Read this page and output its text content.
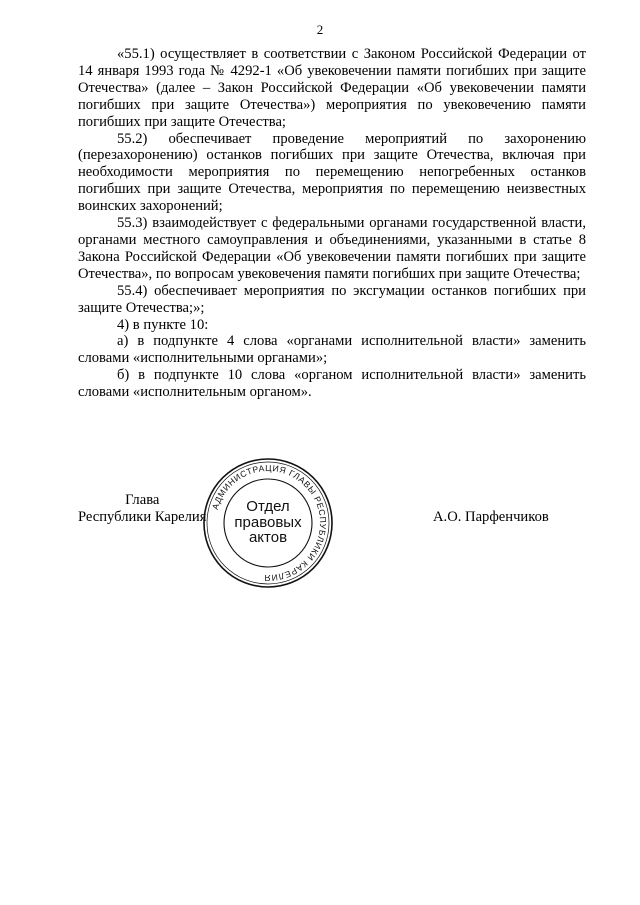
2

«55.1) осуществляет в соответствии с Законом Российской Федерации от 14 января 1993 года № 4292-1 «Об увековечении памяти погибших при защите Отечества» (далее – Закон Российской Федерации «Об увековечении памяти погибших при защите Отечества») мероприятия по увековечению памяти погибших при защите Отечества;

55.2) обеспечивает проведение мероприятий по захоронению (перезахоронению) останков погибших при защите Отечества, включая при необходимости мероприятия по перемещению непогребенных останков погибших при защите Отечества, мероприятия по перемещению неизвестных воинских захоронений;

55.3) взаимодействует с федеральными органами государственной власти, органами местного самоуправления и объединениями, указанными в статье 8 Закона Российской Федерации «Об увековечении памяти погибших при защите Отечества», по вопросам увековечения памяти погибших при защите Отечества;

55.4) обеспечивает мероприятия по эксгумации останков погибших при защите Отечества;»;

4) в пункте 10:

а) в подпункте 4 слова «органами исполнительной власти» заменить словами «исполнительными органами»;

б) в подпункте 10 слова «органом исполнительной власти» заменить словами «исполнительным органом».

Глава
Республики Карелия	А.О. Парфенчиков
АДМИНИСТРАЦИЯ ГЛАВЫ РЕСПУБЛИКИ КАРЕЛИЯ
Отдел
правовых
актов
